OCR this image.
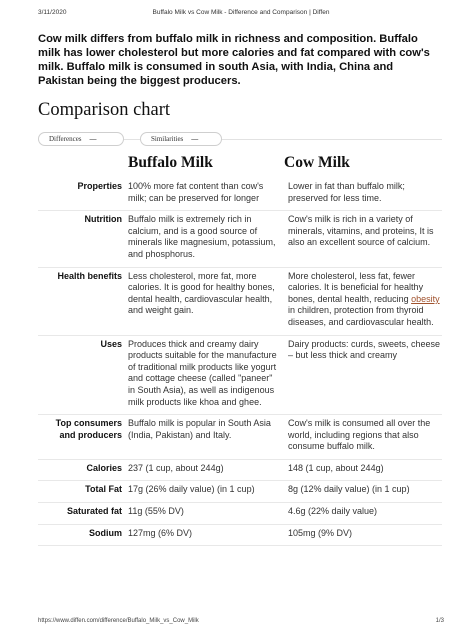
3/11/2020	Buffalo Milk vs Cow Milk - Difference and Comparison | Diffen
Cow milk differs from buffalo milk in richness and composition. Buffalo milk has lower cholesterol but more calories and fat compared with cow's milk. Buffalo milk is consumed in south Asia, with India, China and Pakistan being the biggest producers.
Comparison chart
Differences —	Similarities —
Buffalo Milk	Cow Milk
Properties	100% more fat content than cow's milk; can be preserved for longer	Lower in fat than buffalo milk; preserved for less time.
Nutrition	Buffalo milk is extremely rich in calcium, and is a good source of minerals like magnesium, potassium, and phosphorus.	Cow's milk is rich in a variety of minerals, vitamins, and proteins, It is also an excellent source of calcium.
Health benefits	Less cholesterol, more fat, more calories. It is good for healthy bones, dental health, cardiovascular health, and weight gain.	More cholesterol, less fat, fewer calories. It is beneficial for healthy bones, dental health, reducing obesity in children, protection from thyroid diseases, and cardiovascular health.
Uses	Produces thick and creamy dairy products suitable for the manufacture of traditional milk products like yogurt and cottage cheese (called "paneer" in South Asia), as well as indigenous milk products like khoa and ghee.	Dairy products: curds, sweets, cheese – but less thick and creamy
Top consumers and producers	Buffalo milk is popular in South Asia (India, Pakistan) and Italy.	Cow's milk is consumed all over the world, including regions that also consume buffalo milk.
Calories	237 (1 cup, about 244g)	148 (1 cup, about 244g)
Total Fat	17g (26% daily value) (in 1 cup)	8g (12% daily value) (in 1 cup)
Saturated fat	11g (55% DV)	4.6g (22% daily value)
Sodium	127mg (6% DV)	105mg (9% DV)
https://www.diffen.com/difference/Buffalo_Milk_vs_Cow_Milk	1/3
